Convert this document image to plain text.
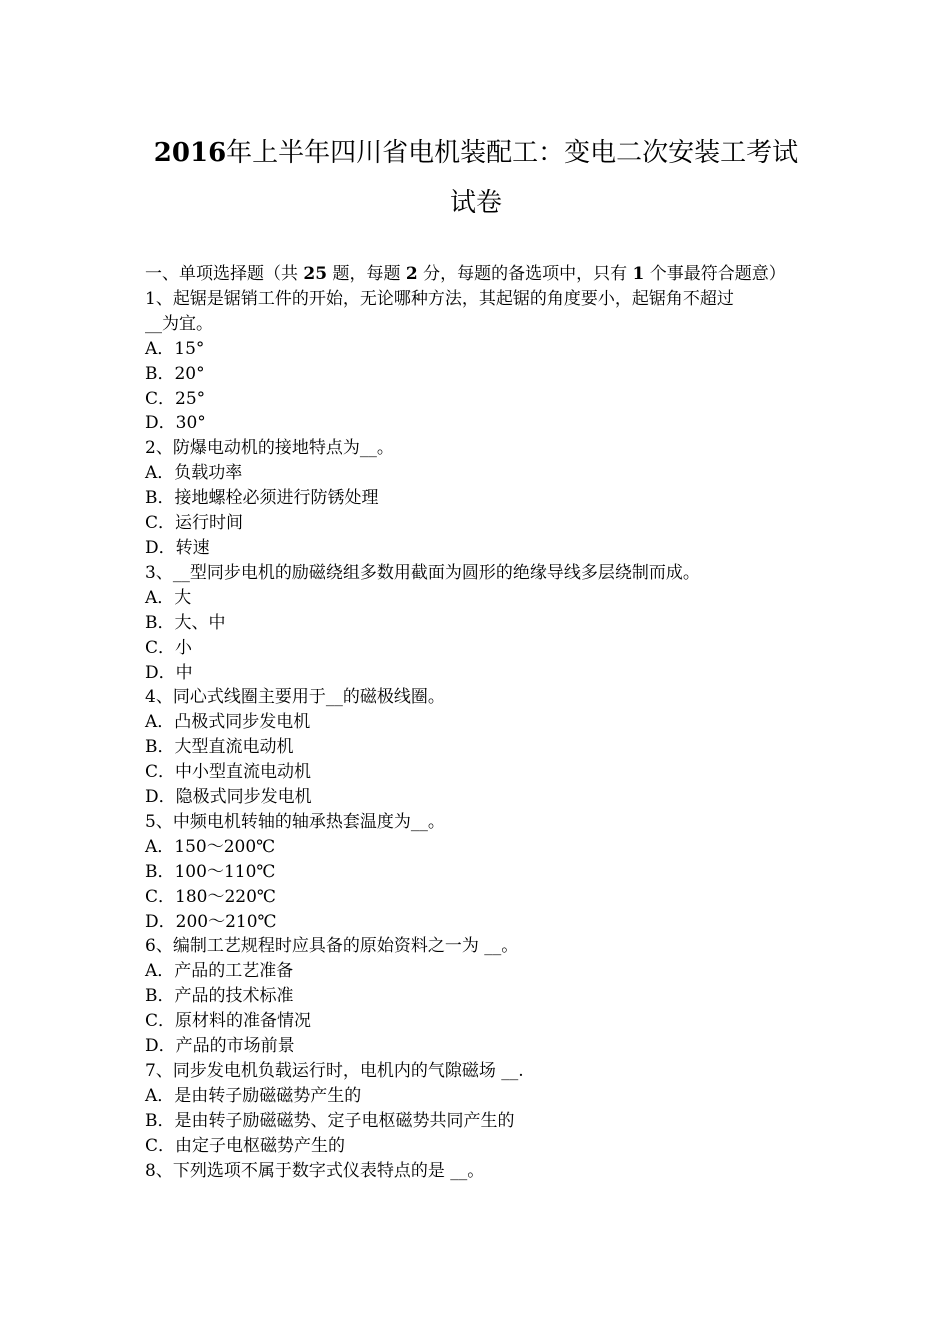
2016年上半年四川省电机装配工：变电二次安装工考试试卷
一、单项选择题（共 25 题，每题 2 分，每题的备选项中，只有 1 个事最符合题意）
1、起锯是锯销工件的开始，无论哪种方法，其起锯的角度要小，起锯角不超过
__为宜。
A．15°
B．20°
C．25°
D．30°
2、防爆电动机的接地特点为__。
A．负载功率
B．接地螺栓必须进行防锈处理
C．运行时间
D．转速
3、__型同步电机的励磁绕组多数用截面为圆形的绝缘导线多层绕制而成。
A．大
B．大、中
C．小
D．中
4、同心式线圈主要用于__的磁极线圈。
A．凸极式同步发电机
B．大型直流电动机
C．中小型直流电动机
D．隐极式同步发电机
5、中频电机转轴的轴承热套温度为__。
A．150～200℃
B．100～110℃
C．180～220℃
D．200～210℃
6、编制工艺规程时应具备的原始资料之一为 __。
A．产品的工艺准备
B．产品的技术标准
C．原材料的准备情况
D．产品的市场前景
7、同步发电机负载运行时，电机内的气隙磁场 __.
A．是由转子励磁磁势产生的
B．是由转子励磁磁势、定子电枢磁势共同产生的
C．由定子电枢磁势产生的
8、下列选项不属于数字式仪表特点的是 __。
